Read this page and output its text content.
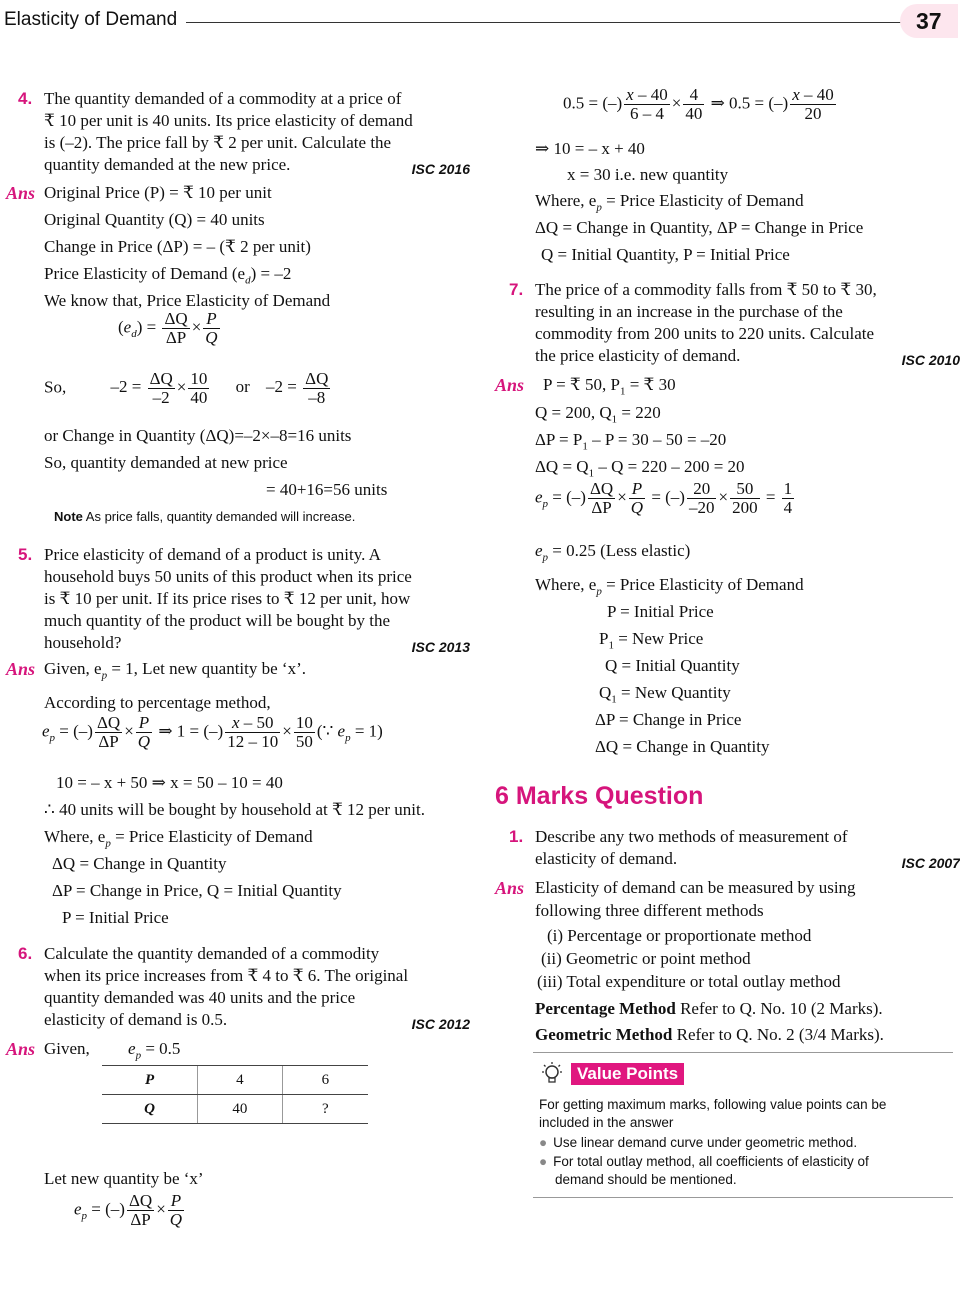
Elasticity of Demand	37
4. The quantity demanded of a commodity at a price of
₹ 10 per unit is 40 units. Its price elasticity of demand
is (–2). The price fall by ₹ 2 per unit. Calculate the
quantity demanded at the new price.	ISC 2016
Ans Original Price (P) = ₹ 10 per unit
Original Quantity (Q) = 40 units
Change in Price (ΔP) = – (₹ 2 per unit)
Price Elasticity of Demand $(e_d) = -2$
We know that, Price Elasticity of Demand
$(e_d) = \frac{\Delta Q}{\Delta P} \times \frac{P}{Q}$
So,	$-2 = \frac{\Delta Q}{-2} \times \frac{10}{40}$ or $-2 = \frac{\Delta Q}{-8}$
or Change in Quantity (ΔQ)=–2×–8=16 units
So, quantity demanded at new price
= 40+16=56 units
Note As price falls, quantity demanded will increase.
5. Price elasticity of demand of a product is unity. A
household buys 50 units of this product when its price
is ₹ 10 per unit. If its price rises to ₹ 12 per unit, how
much quantity of the product will be bought by the
household?	ISC 2013
Ans Given, $e_p = 1$, Let new quantity be ‘x’.
According to percentage method,
$e_p$ = (–) $\frac{\Delta Q}{\Delta P} \times \frac{P}{Q}$ ⇒ 1 = (–) $\frac{x - 50}{12 - 10} \times \frac{10}{50}$ (∵ $e_p = 1$)
10 = – x + 50 ⇒ x = 50 – 10 = 40
∴ 40 units will be bought by household at ₹ 12 per unit.
Where, $e_p$ = Price Elasticity of Demand
ΔQ = Change in Quantity
ΔP = Change in Price, Q = Initial Quantity
P = Initial Price
6. Calculate the quantity demanded of a commodity
when its price increases from ₹ 4 to ₹ 6. The original
quantity demanded was 40 units and the price
elasticity of demand is 0.5.	ISC 2012
Ans Given, $e_p = 0.5$
P	4	6
Q	40	?
Let new quantity be ‘x’
$e_p$ = (–) $\frac{\Delta Q}{\Delta P} \times \frac{P}{Q}$
0.5 = (–) $\frac{x - 40}{6 - 4} \times \frac{4}{40}$ ⇒ 0.5 = (–) $\frac{x - 40}{20}$
⇒ 10 = – x + 40
x = 30 i.e. new quantity
Where, $e_p$ = Price Elasticity of Demand
ΔQ = Change in Quantity, ΔP = Change in Price
Q = Initial Quantity, P = Initial Price
7. The price of a commodity falls from ₹ 50 to ₹ 30,
resulting in an increase in the purchase of the
commodity from 200 units to 220 units. Calculate
the price elasticity of demand.	ISC 2010
Ans P = ₹ 50, $P_1$ = ₹ 30
Q = 200, $Q_1 = 220$
$\Delta P = P_1 - P = 30 - 50 = -20$
$\Delta Q = Q_1 - Q = 220 - 200 = 20$
$e_p$ = (–) $\frac{\Delta Q}{\Delta P} \times \frac{P}{Q}$ = (–) $\frac{20}{-20} \times \frac{50}{200} = \frac{1}{4}$
$e_p = 0.25$ (Less elastic)
Where, $e_p$ = Price Elasticity of Demand
P = Initial Price
$P_1$ = New Price
Q = Initial Quantity
$Q_1$ = New Quantity
ΔP = Change in Price
ΔQ = Change in Quantity
6 Marks Question
1. Describe any two methods of measurement of
elasticity of demand.	ISC 2007
Ans Elasticity of demand can be measured by using
following three different methods
(i) Percentage or proportionate method
(ii) Geometric or point method
(iii) Total expenditure or total outlay method
Percentage Method Refer to Q. No. 10 (2 Marks).
Geometric Method Refer to Q. No. 2 (3/4 Marks).
Value Points
For getting maximum marks, following value points can be
included in the answer
● Use linear demand curve under geometric method.
● For total outlay method, all coefficients of elasticity of
demand should be mentioned.
